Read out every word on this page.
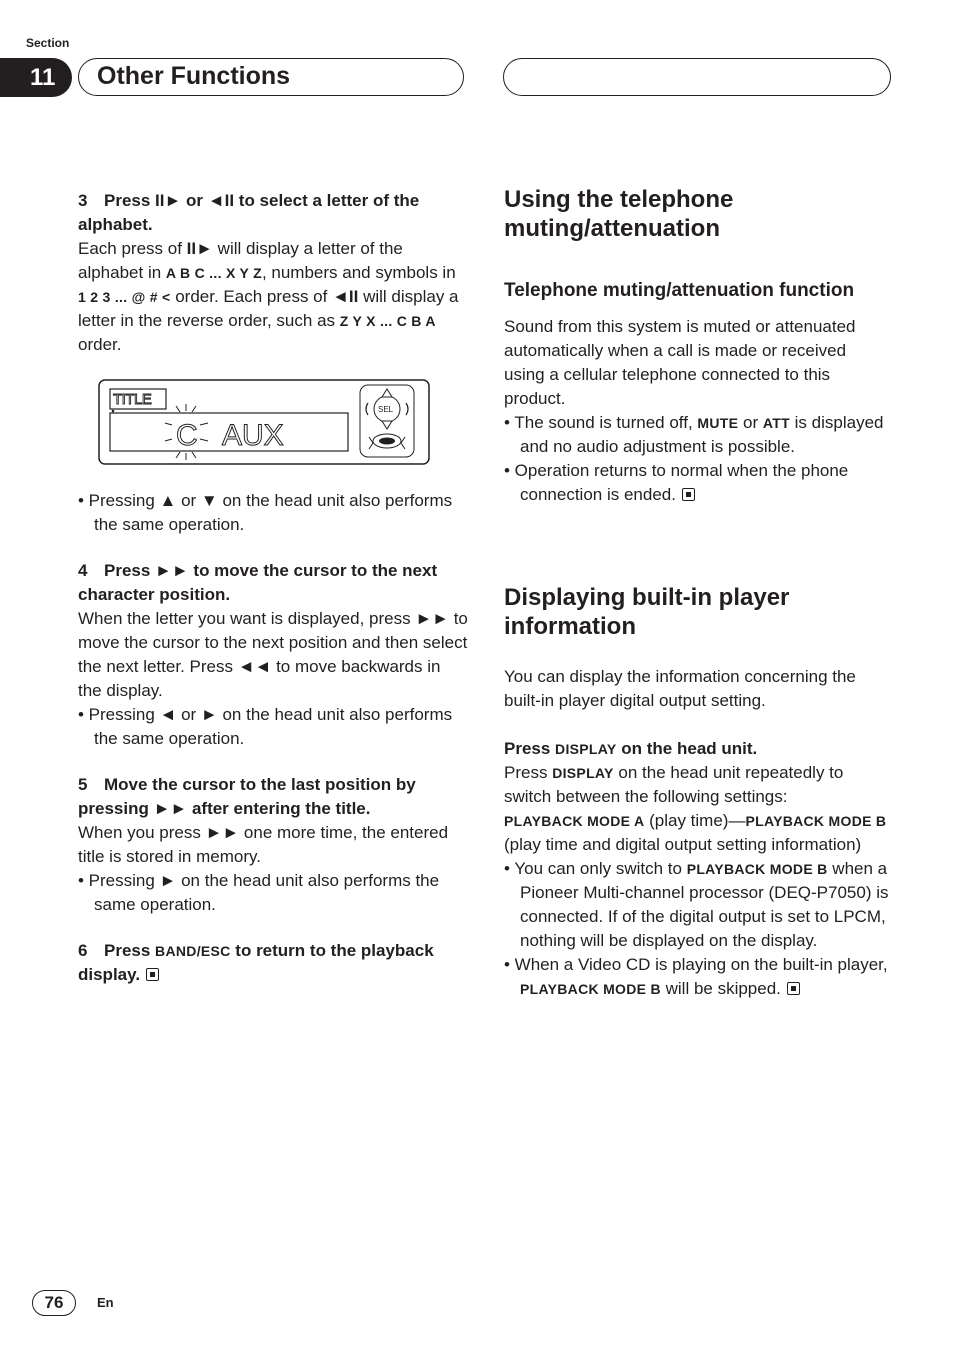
Section
11	Other Functions

3 Press II► or ◄II to select a letter of the alphabet.

Each press of II► will display a letter of the alphabet in A B C ... X Y Z, numbers and symbols in 1 2 3 ... @ # < order. Each press of ◄II will display a letter in the reverse order, such as Z Y X ... C B A order.

TITLE
C AUX
SEL

• Pressing ▲ or ▼ on the head unit also performs the same operation.

4 Press ►► to move the cursor to the next character position.

When the letter you want is displayed, press ►► to move the cursor to the next position and then select the next letter. Press ◄◄ to move backwards in the display.

• Pressing ◄ or ► on the head unit also performs the same operation.

5 Move the cursor to the last position by pressing ►► after entering the title.

When you press ►► one more time, the entered title is stored in memory.

• Pressing ► on the head unit also performs the same operation.

6 Press BAND/ESC to return to the playback display.

Using the telephone muting/attenuation
Telephone muting/attenuation function

Sound from this system is muted or attenuated automatically when a call is made or received using a cellular telephone connected to this product.

• The sound is turned off, MUTE or ATT is displayed and no audio adjustment is possible.

• Operation returns to normal when the phone connection is ended.

Displaying built-in player information

You can display the information concerning the built-in player digital output setting.

Press DISPLAY on the head unit.

Press DISPLAY on the head unit repeatedly to switch between the following settings:

PLAYBACK MODE A (play time)—PLAYBACK MODE B (play time and digital output setting information)

• You can only switch to PLAYBACK MODE B when a Pioneer Multi-channel processor (DEQ-P7050) is connected. If of the digital output is set to LPCM, nothing will be displayed on the display.

• When a Video CD is playing on the built-in player, PLAYBACK MODE B will be skipped.

76	En
